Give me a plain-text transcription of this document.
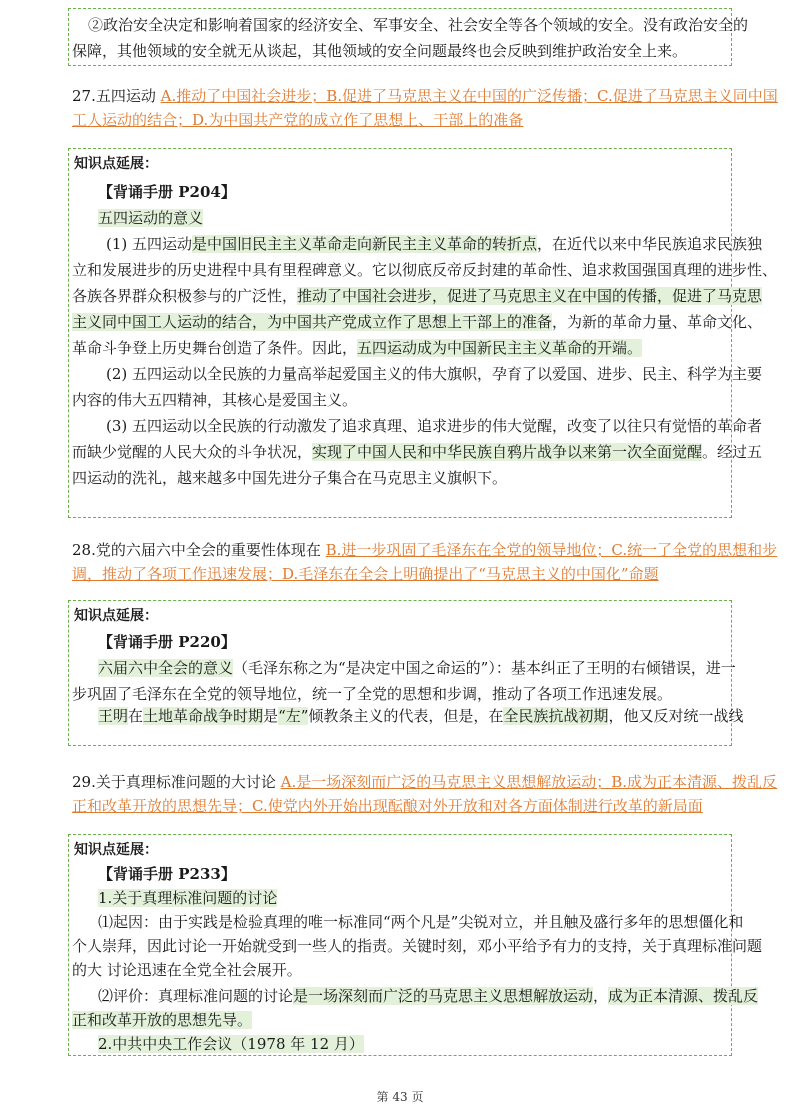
②政治安全决定和影响着国家的经济安全、军事安全、社会安全等各个领域的安全。没有政治安全的
保障，其他领域的安全就无从谈起，其他领域的安全问题最终也会反映到维护政治安全上来。
27.五四运动 A.推动了中国社会进步；B.促进了马克思主义在中国的广泛传播；C.促进了马克思主义同中国
工人运动的结合；D.为中国共产党的成立作了思想上、干部上的准备
知识点延展：
【背诵手册 P204】
五四运动的意义
(1) 五四运动是中国旧民主主义革命走向新民主主义革命的转折点，在近代以来中华民族追求民族独
立和发展进步的历史进程中具有里程碑意义。它以彻底反帝反封建的革命性、追求救国强国真理的进步性、
各族各界群众积极参与的广泛性，推动了中国社会进步，促进了马克思主义在中国的传播，促进了马克思
主义同中国工人运动的结合，为中国共产党成立作了思想上干部上的准备，为新的革命力量、革命文化、
革命斗争登上历史舞台创造了条件。因此，五四运动成为中国新民主主义革命的开端。
(2) 五四运动以全民族的力量高举起爱国主义的伟大旗帜，孕育了以爱国、进步、民主、科学为主要
内容的伟大五四精神，其核心是爱国主义。
(3) 五四运动以全民族的行动激发了追求真理、追求进步的伟大觉醒，改变了以往只有觉悟的革命者
而缺少觉醒的人民大众的斗争状况，实现了中国人民和中华民族自鸦片战争以来第一次全面觉醒。经过五
四运动的洗礼，越来越多中国先进分子集合在马克思主义旗帜下。
28.党的六届六中全会的重要性体现在 B.进一步巩固了毛泽东在全党的领导地位；C.统一了全党的思想和步
调，推动了各项工作迅速发展；D.毛泽东在全会上明确提出了“马克思主义的中国化”命题
知识点延展：
【背诵手册 P220】
六届六中全会的意义（毛泽东称之为“是决定中国之命运的”）：基本纠正了王明的右倾错误，进一
步巩固了毛泽东在全党的领导地位，统一了全党的思想和步调，推动了各项工作迅速发展。
王明在土地革命战争时期是“左”倾教条主义的代表，但是，在全民族抗战初期，他又反对统一战线
29.关于真理标准问题的大讨论 A.是一场深刻而广泛的马克思主义思想解放运动；B.成为正本清源、拨乱反
正和改革开放的思想先导；C.使党内外开始出现酝酿对外开放和对各方面体制进行改革的新局面
知识点延展：
【背诵手册 P233】
1.关于真理标准问题的讨论
⑴起因：由于实践是检验真理的唯一标准同“两个凡是”尖锐对立，并且触及盛行多年的思想僵化和
个人崇拜，因此讨论一开始就受到一些人的指责。关键时刻，邓小平给予有力的支持，关于真理标准问题
的大 讨论迅速在全党全社会展开。
⑵评价：真理标准问题的讨论是一场深刻而广泛的马克思主义思想解放运动，成为正本清源、拨乱反
正和改革开放的思想先导。
2.中共中央工作会议（1978 年 12 月）
第 43 页
